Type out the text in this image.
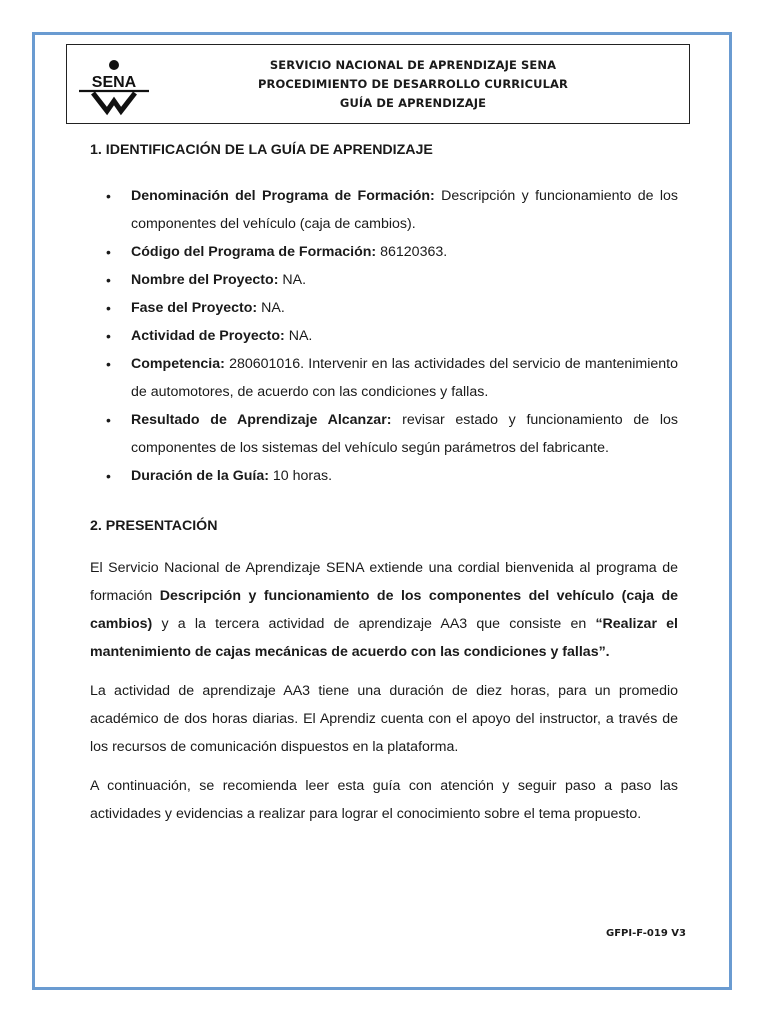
SENA
SERVICIO NACIONAL DE APRENDIZAJE SENA
PROCEDIMIENTO DE DESARROLLO CURRICULAR
GUÍA DE APRENDIZAJE
1. IDENTIFICACIÓN DE LA GUÍA DE APRENDIZAJE
• Denominación del Programa de Formación: Descripción y funcionamiento de los componentes del vehículo (caja de cambios).
• Código del Programa de Formación: 86120363.
• Nombre del Proyecto: NA.
• Fase del Proyecto: NA.
• Actividad de Proyecto: NA.
• Competencia: 280601016. Intervenir en las actividades del servicio de mantenimiento de automotores, de acuerdo con las condiciones y fallas.
• Resultado de Aprendizaje Alcanzar: revisar estado y funcionamiento de los componentes de los sistemas del vehículo según parámetros del fabricante.
• Duración de la Guía: 10 horas.
2. PRESENTACIÓN

El Servicio Nacional de Aprendizaje SENA extiende una cordial bienvenida al programa de formación Descripción y funcionamiento de los componentes del vehículo (caja de cambios) y a la tercera actividad de aprendizaje AA3 que consiste en “Realizar el mantenimiento de cajas mecánicas de acuerdo con las condiciones y fallas”.

La actividad de aprendizaje AA3 tiene una duración de diez horas, para un promedio académico de dos horas diarias. El Aprendiz cuenta con el apoyo del instructor, a través de los recursos de comunicación dispuestos en la plataforma.

A continuación, se recomienda leer esta guía con atención y seguir paso a paso las actividades y evidencias a realizar para lograr el conocimiento sobre el tema propuesto.

GFPI-F-019 V3
